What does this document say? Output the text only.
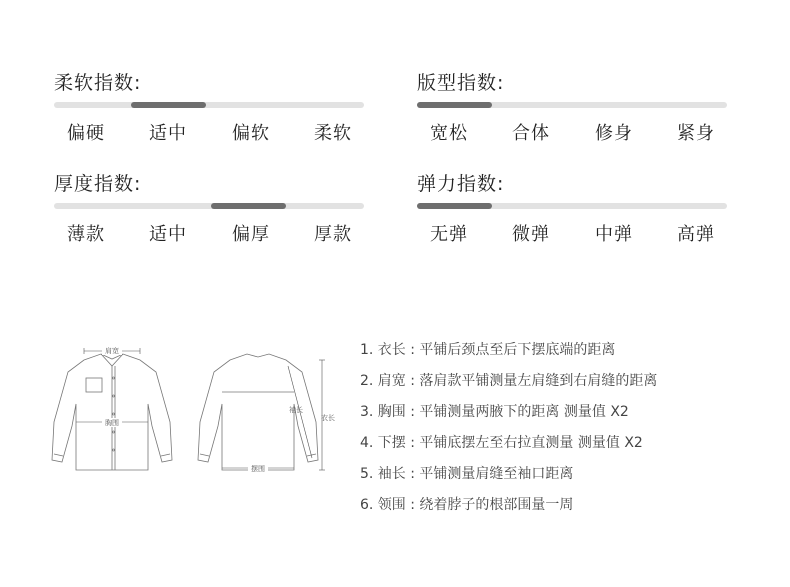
柔软指数:
偏硬 适中	偏软 柔软
版型指数:
宽松 合体	修身 紧身
厚度指数:
薄款 适中	偏厚 厚款
弹力指数:
无弹 微弹	中弹 高弹
肩宽
胸围
摆围
袖长
衣长
1. 衣长 : 平铺后颈点至后下摆底端的距离
2. 肩宽 : 落肩款平铺测量左肩缝到右肩缝的距离
3. 胸围 : 平铺测量两腋下的距离 测量值 X2
4. 下摆 : 平铺底摆左至右拉直测量 测量值 X2
5. 袖长 : 平铺测量肩缝至袖口距离
6. 领围 : 绕着脖子的根部围量一周
